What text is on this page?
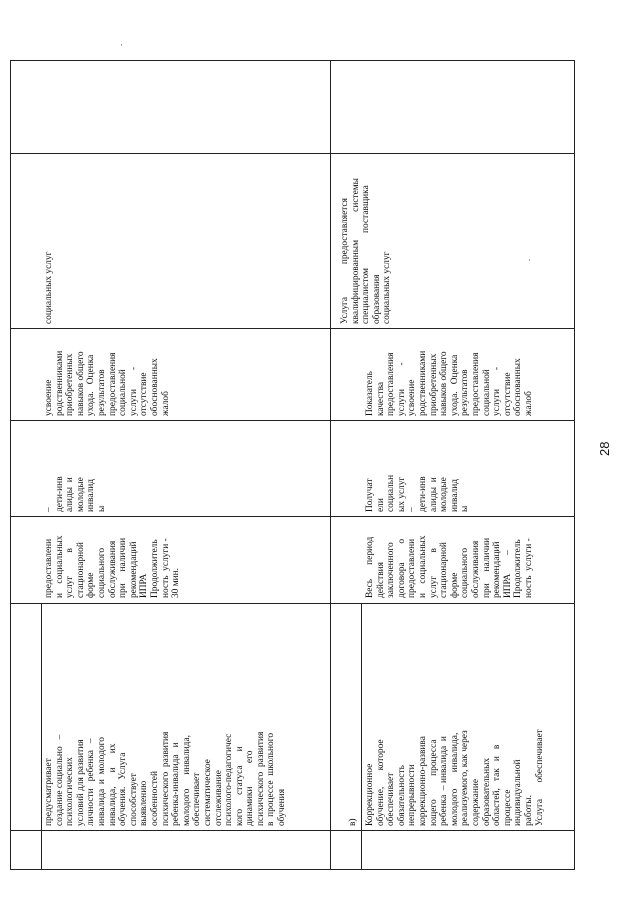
предусматривает создание социально   – психологических условий для развития личности   ребенка   – инвалида  и  молодого инвалида,      и      их обучения.   Услуга способствует выявлению особенностей психического  развития ребенка-инвалида   и молодого      инвалида, обеспечивает систематическое отслеживание психолого-педагогичес кого      статуса      и динамики          его психического  развития в  процессе  школьного обучения
предоставлени и    социальных услуг          в стационарной форме социального обслуживания при     наличии рекомендаций ИПРА Продолжитель ность  услуги - 30 мин.
– дети-инв алиды  и молодые инвалид ы
усвоение родственниками приобретенных навыков общего ухода.   Оценка результатов предоставления социальной услуги        - отсутствие обоснованных жалоб
социальных услуг
в) Коррекционное обучение,       которое обеспечивает обязательность непрерывности коррекционно-развива ющего          процесса ребенка  – инвалида  и молодого       инвалида, реализуемого, как через содержание образовательных областей,   так   и   в процессе индивидуальной работы. Услуга       обеспечивает
Весь      период действия заключенного договора        о предоставлени и    социальных услуг          в стационарной форме социального обслуживания при     наличии рекомендаций ИПРА        – Продолжитель ность  услуги -
Получат ели социальн ых услуг – дети-инв алиды  и молодые инвалид ы
Показатель качества предоставления услуги          - усвоение родственниками приобретенных навыков общего ухода.   Оценка результатов предоставления социальной услуги        - отсутствие обоснованных жалоб
Услуга              предоставляется квалифицированным            системы специалистом               поставщика образования социальных услуг
28
·
·
